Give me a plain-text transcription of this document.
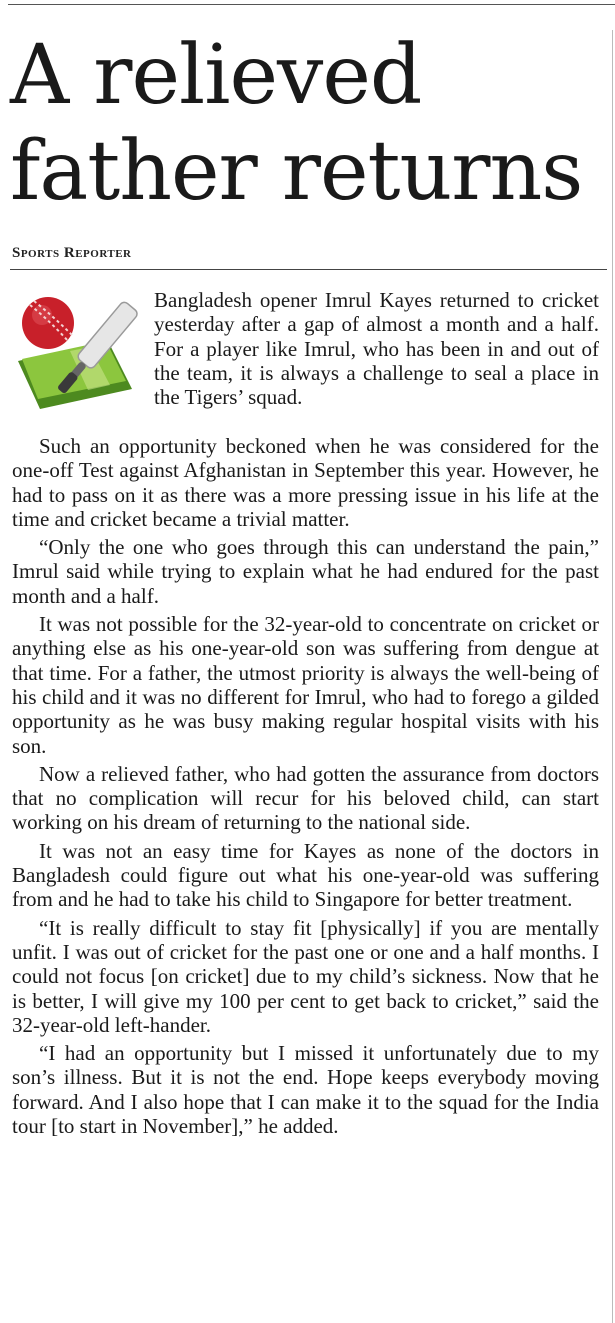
A relieved father returns
Sports Reporter

Bangladesh opener Imrul Kayes returned to cricket yesterday after a gap of almost a month and a half. For a player like Imrul, who has been in and out of the team, it is always a challenge to seal a place in the Tigers’ squad.

Such an opportunity beckoned when he was considered for the one-off Test against Afghanistan in September this year. However, he had to pass on it as there was a more pressing issue in his life at the time and cricket became a trivial matter.

“Only the one who goes through this can understand the pain,” Imrul said while trying to explain what he had endured for the past month and a half.

It was not possible for the 32-year-old to concentrate on cricket or anything else as his one-year-old son was suffering from dengue at that time. For a father, the utmost priority is always the well-being of his child and it was no different for Imrul, who had to forego a gilded opportunity as he was busy making regular hospital visits with his son.

Now a relieved father, who had gotten the assurance from doctors that no complication will recur for his beloved child, can start working on his dream of returning to the national side.

It was not an easy time for Kayes as none of the doctors in Bangladesh could figure out what his one-year-old was suffering from and he had to take his child to Singapore for better treatment.

“It is really difficult to stay fit [physically] if you are mentally unfit. I was out of cricket for the past one or one and a half months. I could not focus [on cricket] due to my child’s sickness. Now that he is better, I will give my 100 per cent to get back to cricket,” said the 32-year-old left-hander.

“I had an opportunity but I missed it unfortunately due to my son’s illness. But it is not the end. Hope keeps everybody moving forward. And I also hope that I can make it to the squad for the India tour [to start in November],” he added.
